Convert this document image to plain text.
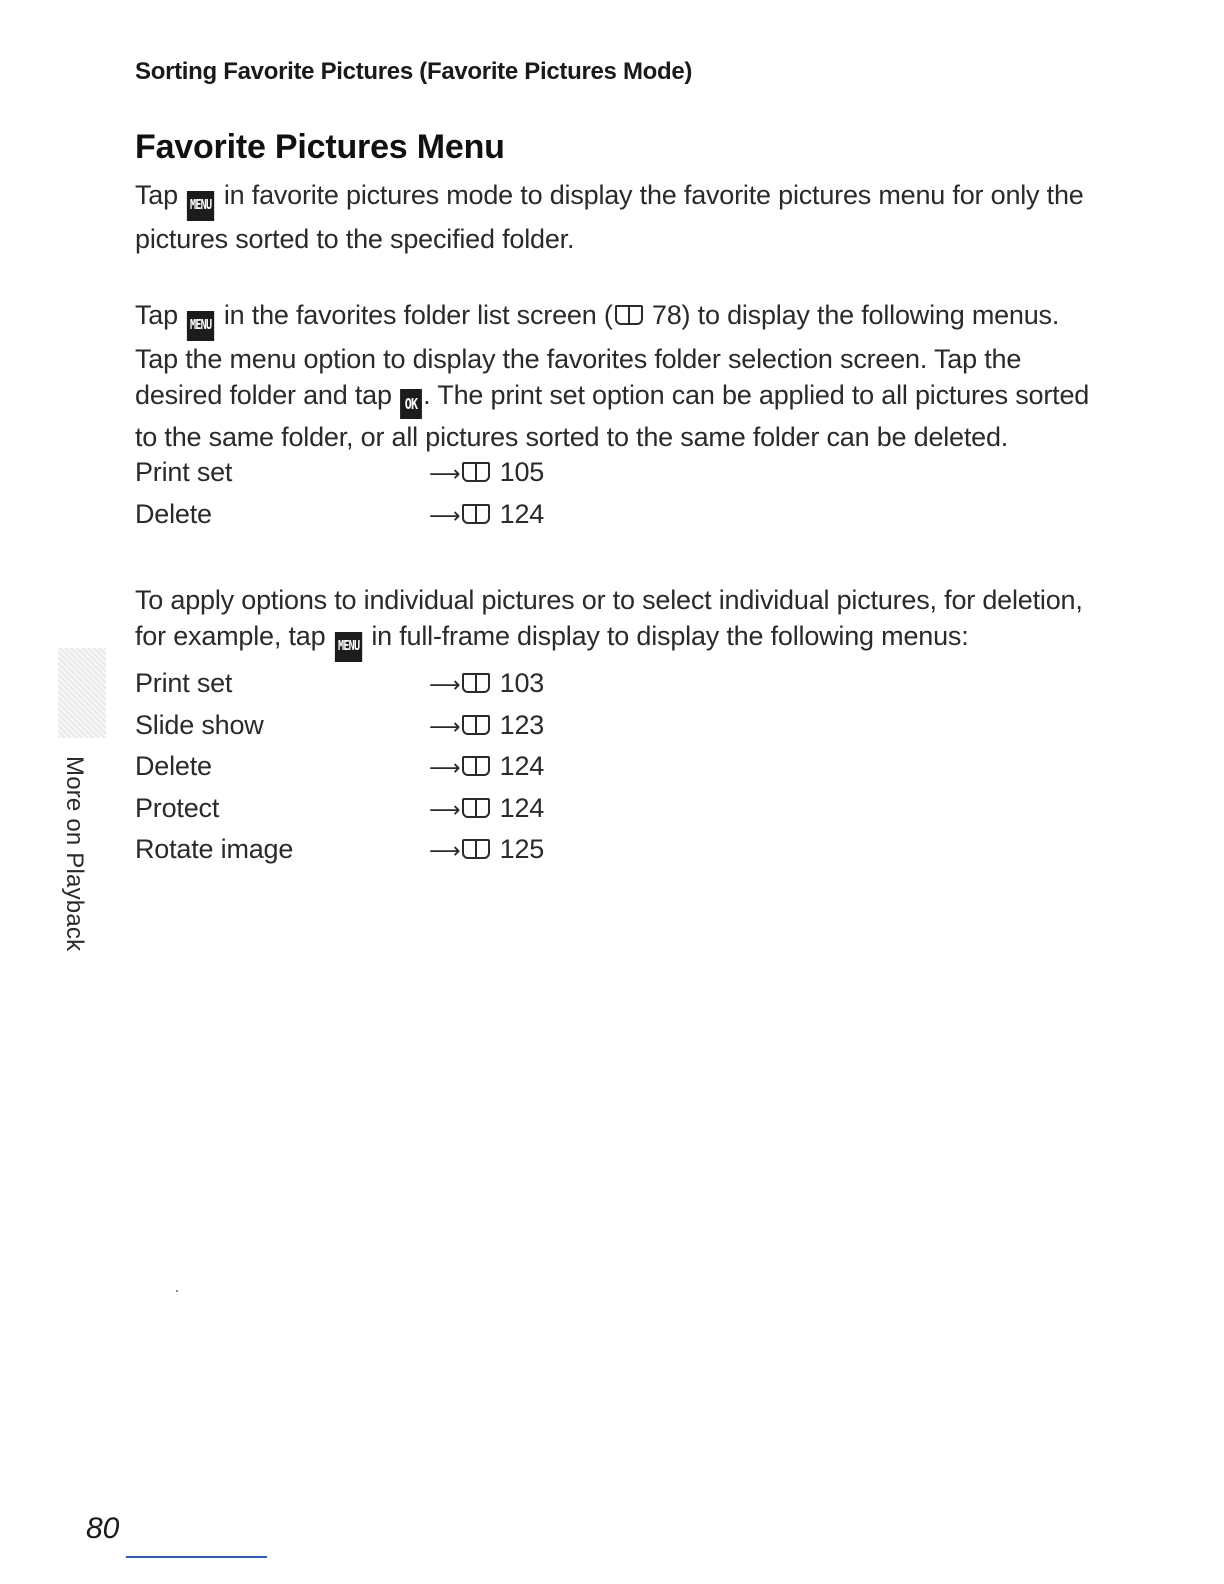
Sorting Favorite Pictures (Favorite Pictures Mode)
Favorite Pictures Menu
Tap MENU in favorite pictures mode to display the favorite pictures menu for only the pictures sorted to the specified folder.
Tap MENU in the favorites folder list screen ( 78) to display the following menus. Tap the menu option to display the favorites folder selection screen. Tap the desired folder and tap OK . The print set option can be applied to all pictures sorted to the same folder, or all pictures sorted to the same folder can be deleted.
Print set	⟶ 105
Delete	⟶ 124
To apply options to individual pictures or to select individual pictures, for deletion, for example, tap MENU in full-frame display to display the following menus:
Print set	⟶ 103
Slide show	⟶ 123
Delete	⟶ 124
Protect	⟶ 124
Rotate image	⟶ 125
More on Playback
80
